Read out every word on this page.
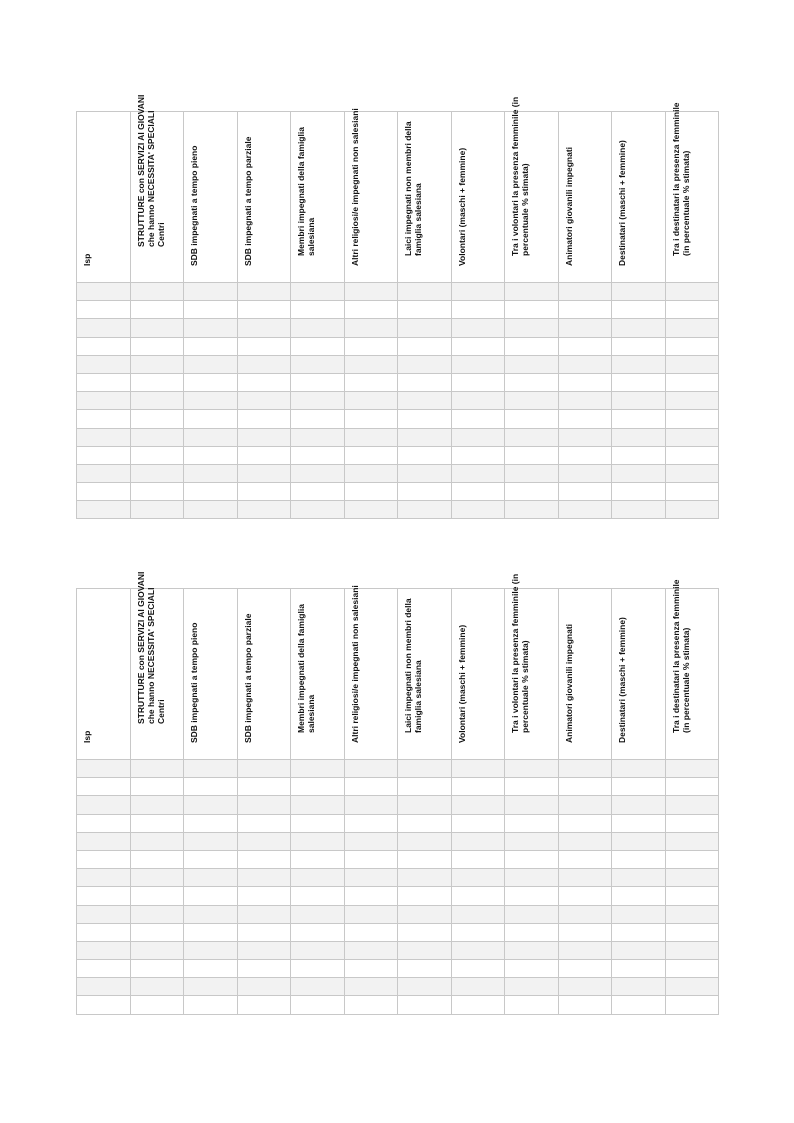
Isp	STRUTTURE con SERVIZI AI GIOVANI che hanno NECESSITA' SPECIALI Centri	SDB impegnati a tempo pieno	SDB impegnati a tempo parziale	Membri impegnati della famiglia salesiana	Altri religiosi/e impegnati non salesiani	Laici impegnati non membri della famiglia salesiana	Volontari (maschi + femmine)	Tra i volontari la presenza femminile (in percentuale % stimata)	Animatori giovanili impegnati	Destinatari (maschi + femmine)	Tra i destinatari la presenza femminile (in percentuale % stimata)

Isp	STRUTTURE con SERVIZI AI GIOVANI che hanno NECESSITA' SPECIALI Centri	SDB impegnati a tempo pieno	SDB impegnati a tempo parziale	Membri impegnati della famiglia salesiana	Altri religiosi/e impegnati non salesiani	Laici impegnati non membri della famiglia salesiana	Volontari (maschi + femmine)	Tra i volontari la presenza femminile (in percentuale % stimata)	Animatori giovanili impegnati	Destinatari (maschi + femmine)	Tra i destinatari la presenza femminile (in percentuale % stimata)
